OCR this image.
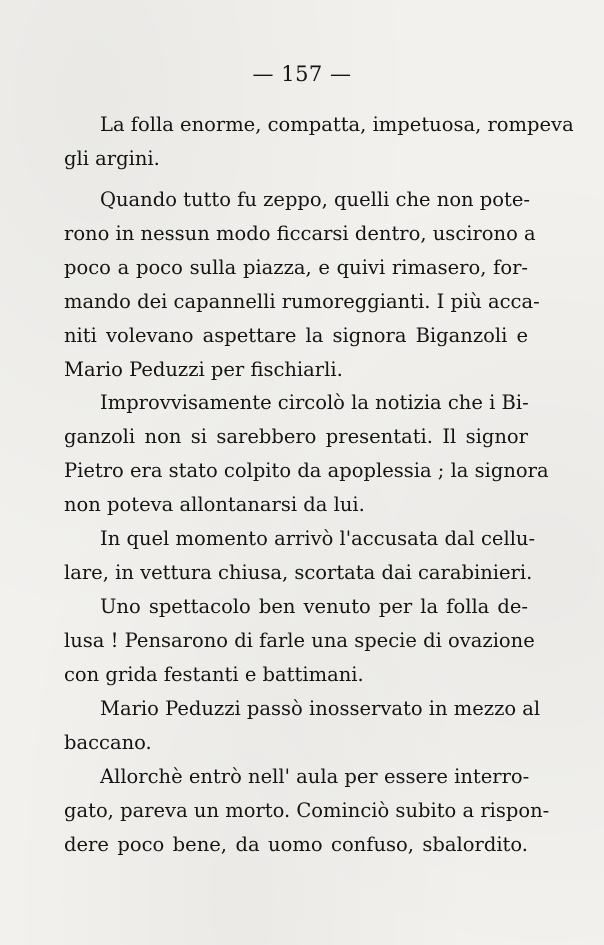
— 157 —
La folla enorme, compatta, impetuosa, rompeva
gli argini.
Quando tutto fu zeppo, quelli che non pote-
rono in nessun modo ficcarsi dentro, uscirono a
poco a poco sulla piazza, e quivi rimasero, for-
mando dei capannelli rumoreggianti. I più acca-
niti volevano aspettare la signora Biganzoli e
Mario Peduzzi per fischiarli.
Improvvisamente circolò la notizia che i Bi-
ganzoli non si sarebbero presentati. Il signor
Pietro era stato colpito da apoplessia ; la signora
non poteva allontanarsi da lui.
In quel momento arrivò l'accusata dal cellu-
lare, in vettura chiusa, scortata dai carabinieri.
Uno spettacolo ben venuto per la folla de-
lusa ! Pensarono di farle una specie di ovazione
con grida festanti e battimani.
Mario Peduzzi passò inosservato in mezzo al
baccano.
Allorchè entrò nell' aula per essere interro-
gato, pareva un morto. Cominciò subito a rispon-
dere poco bene, da uomo confuso, sbalordito.
